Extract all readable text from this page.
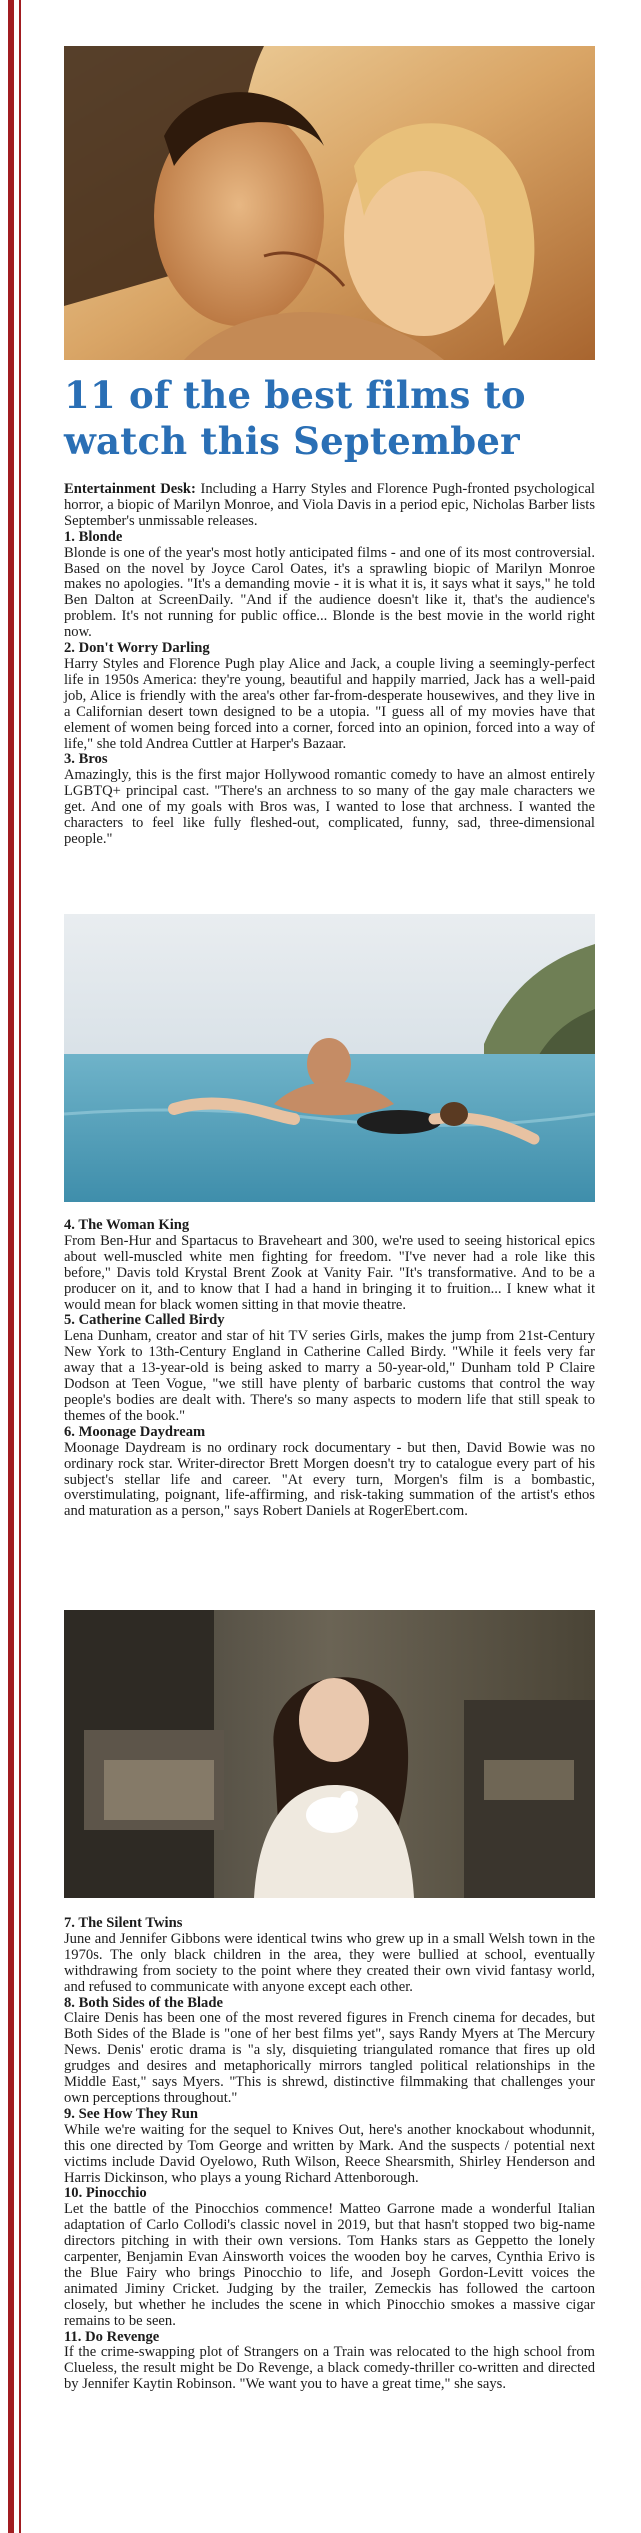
11 of the best films to watch this September

Entertainment Desk: Including a Harry Styles and Florence Pugh-fronted psychological horror, a biopic of Marilyn Monroe, and Viola Davis in a period epic, Nicholas Barber lists September's unmissable releases.

1. Blonde

Blonde is one of the year's most hotly anticipated films - and one of its most controversial. Based on the novel by Joyce Carol Oates, it's a sprawling biopic of Marilyn Monroe makes no apologies. "It's a demanding movie - it is what it is, it says what it says," he told Ben Dalton at ScreenDaily. "And if the audience doesn't like it, that's the audience's problem. It's not running for public office... Blonde is the best movie in the world right now.

2. Don't Worry Darling

Harry Styles and Florence Pugh play Alice and Jack, a couple living a seemingly-perfect life in 1950s America: they're young, beautiful and happily married, Jack has a well-paid job, Alice is friendly with the area's other far-from-desperate housewives, and they live in a Californian desert town designed to be a utopia. "I guess all of my movies have that element of women being forced into a corner, forced into an opinion, forced into a way of life," she told Andrea Cuttler at Harper's Bazaar.

3. Bros

Amazingly, this is the first major Hollywood romantic comedy to have an almost entirely LGBTQ+ principal cast. "There's an archness to so many of the gay male characters we get. And one of my goals with Bros was, I wanted to lose that archness. I wanted the characters to feel like fully fleshed-out, complicated, funny, sad, three-dimensional people."

4. The Woman King

From Ben-Hur and Spartacus to Braveheart and 300, we're used to seeing historical epics about well-muscled white men fighting for freedom. "I've never had a role like this before," Davis told Krystal Brent Zook at Vanity Fair. "It's transformative. And to be a producer on it, and to know that I had a hand in bringing it to fruition... I knew what it would mean for black women sitting in that movie theatre.

5. Catherine Called Birdy

Lena Dunham, creator and star of hit TV series Girls, makes the jump from 21st-Century New York to 13th-Century England in Catherine Called Birdy. "While it feels very far away that a 13-year-old is being asked to marry a 50-year-old," Dunham told P Claire Dodson at Teen Vogue, "we still have plenty of barbaric customs that control the way people's bodies are dealt with. There's so many aspects to modern life that still speak to themes of the book."

6. Moonage Daydream

Moonage Daydream is no ordinary rock documentary - but then, David Bowie was no ordinary rock star. Writer-director Brett Morgen doesn't try to catalogue every part of his subject's stellar life and career. "At every turn, Morgen's film is a bombastic, overstimulating, poignant, life-affirming, and risk-taking summation of the artist's ethos and maturation as a person," says Robert Daniels at RogerEbert.com.

7. The Silent Twins

June and Jennifer Gibbons were identical twins who grew up in a small Welsh town in the 1970s. The only black children in the area, they were bullied at school, eventually withdrawing from society to the point where they created their own vivid fantasy world, and refused to communicate with anyone except each other.

8. Both Sides of the Blade

Claire Denis has been one of the most revered figures in French cinema for decades, but Both Sides of the Blade is "one of her best films yet", says Randy Myers at The Mercury News. Denis' erotic drama is "a sly, disquieting triangulated romance that fires up old grudges and desires and metaphorically mirrors tangled political relationships in the Middle East," says Myers. "This is shrewd, distinctive filmmaking that challenges your own perceptions throughout."

9. See How They Run

While we're waiting for the sequel to Knives Out, here's another knockabout whodunnit, this one directed by Tom George and written by Mark. And the suspects / potential next victims include David Oyelowo, Ruth Wilson, Reece Shearsmith, Shirley Henderson and Harris Dickinson, who plays a young Richard Attenborough.

10. Pinocchio

Let the battle of the Pinocchios commence! Matteo Garrone made a wonderful Italian adaptation of Carlo Collodi's classic novel in 2019, but that hasn't stopped two big-name directors pitching in with their own versions. Tom Hanks stars as Geppetto the lonely carpenter, Benjamin Evan Ainsworth voices the wooden boy he carves, Cynthia Erivo is the Blue Fairy who brings Pinocchio to life, and Joseph Gordon-Levitt voices the animated Jiminy Cricket. Judging by the trailer, Zemeckis has followed the cartoon closely, but whether he includes the scene in which Pinocchio smokes a massive cigar remains to be seen.

11. Do Revenge

If the crime-swapping plot of Strangers on a Train was relocated to the high school from Clueless, the result might be Do Revenge, a black comedy-thriller co-written and directed by Jennifer Kaytin Robinson. "We want you to have a great time," she says.
